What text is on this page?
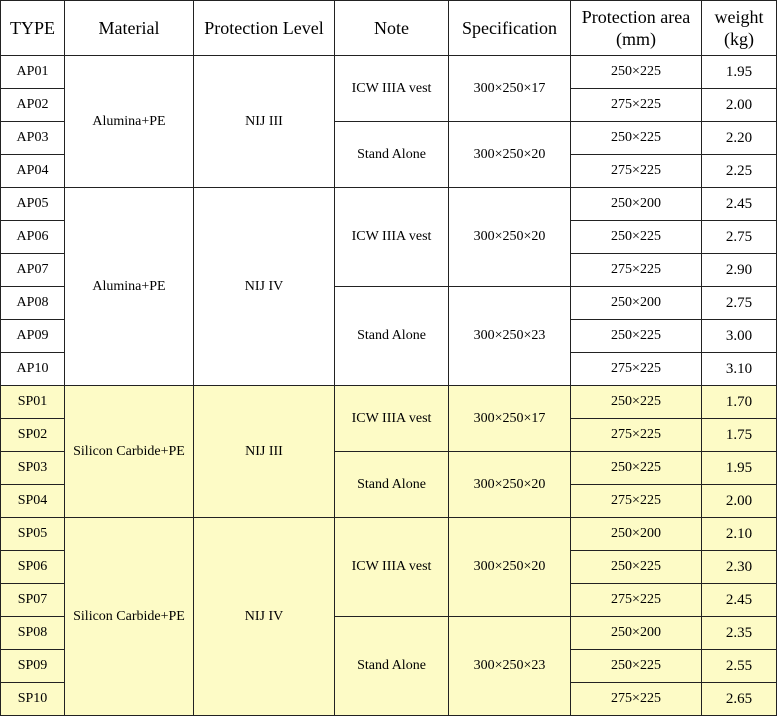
TYPE	Material	Protection Level	Note	Specification	Protection area (mm)	weight (kg)
AP01	Alumina+PE	NIJ III	ICW IIIA vest	300×250×17	250×225	1.95
AP02					275×225	2.00
AP03			Stand Alone	300×250×20	250×225	2.20
AP04					275×225	2.25
AP05	Alumina+PE	NIJ IV	ICW IIIA vest	300×250×20	250×200	2.45
AP06					250×225	2.75
AP07					275×225	2.90
AP08			Stand Alone	300×250×23	250×200	2.75
AP09					250×225	3.00
AP10					275×225	3.10
SP01	Silicon Carbide+PE	NIJ III	ICW IIIA vest	300×250×17	250×225	1.70
SP02					275×225	1.75
SP03			Stand Alone	300×250×20	250×225	1.95
SP04					275×225	2.00
SP05	Silicon Carbide+PE	NIJ IV	ICW IIIA vest	300×250×20	250×200	2.10
SP06					250×225	2.30
SP07					275×225	2.45
SP08			Stand Alone	300×250×23	250×200	2.35
SP09					250×225	2.55
SP10					275×225	2.65
